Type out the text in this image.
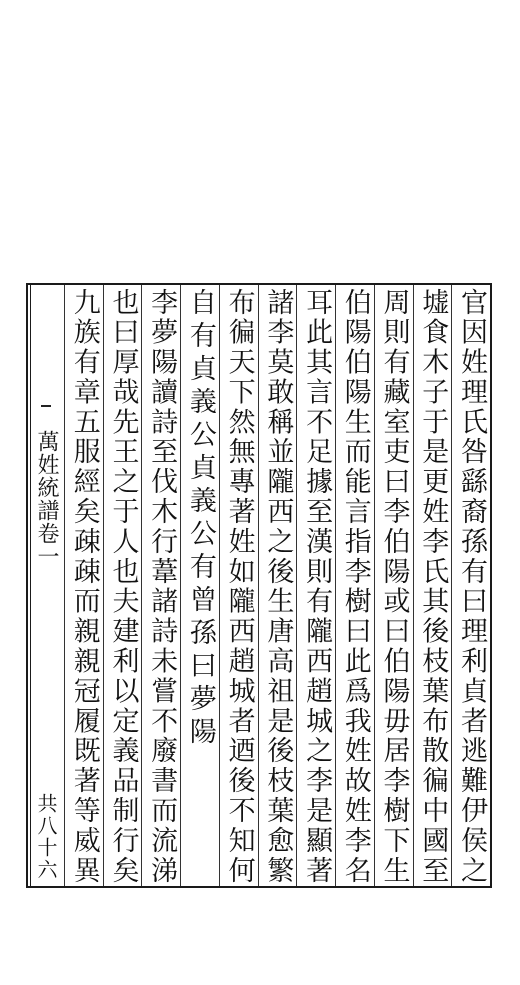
萬姓統譜卷一
共八十六	官因姓理氏咎繇裔孫有曰理利貞者逃難伊侯之
墟食木子于是更姓李氏其後枝葉布散徧中國至
周則有藏室吏曰李伯陽或曰伯陽毋居李樹下生
伯陽伯陽生而能言指李樹曰此爲我姓故姓李名
耳此其言不足據至漢則有隴西趙城之李是顯著
諸李莫敢稱並隴西之後生唐高祖是後枝葉愈繁
布徧天下然無專著姓如隴西趙城者迺後不知何
自有貞義公貞義公有曾孫曰夢陽
李夢陽讀詩至伐木行葦諸詩未嘗不廢書而流涕
也曰厚哉先王之于人也夫建利以定義品制行矣
九族有章五服經矣疎疎而親親冠履既著等威異
